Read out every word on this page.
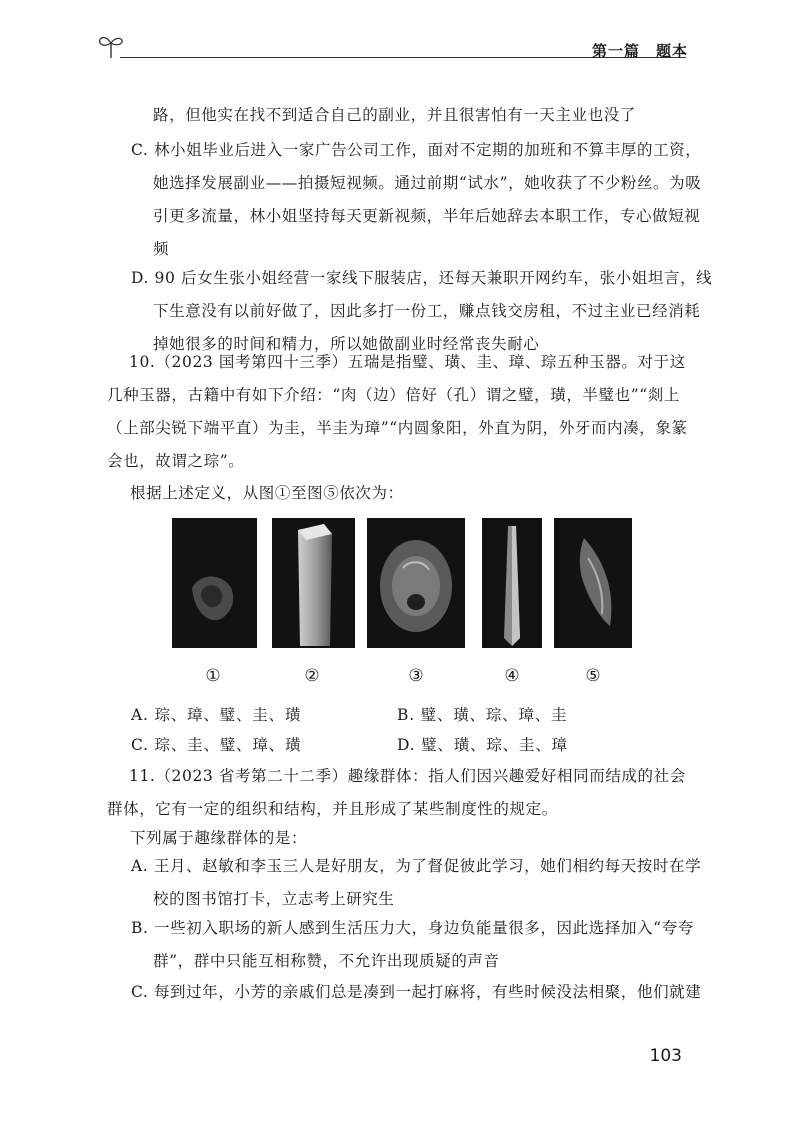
第一篇　题本
路，但他实在找不到适合自己的副业，并且很害怕有一天主业也没了
C. 林小姐毕业后进入一家广告公司工作，面对不定期的加班和不算丰厚的工资，她选择发展副业——拍摄短视频。通过前期“试水”，她收获了不少粉丝。为吸引更多流量，林小姐坚持每天更新视频，半年后她辞去本职工作，专心做短视频
D. 90 后女生张小姐经营一家线下服装店，还每天兼职开网约车，张小姐坦言，线下生意没有以前好做了，因此多打一份工，赚点钱交房租，不过主业已经消耗掉她很多的时间和精力，所以她做副业时经常丧失耐心
10.（2023 国考第四十三季）五瑞是指璧、璜、圭、璋、琮五种玉器。对于这几种玉器，古籍中有如下介绍：“肉（边）倍好（孔）谓之璧，璜，半璧也”“剡上（上部尖锐下端平直）为圭，半圭为璋”“内圆象阳，外直为阴，外牙而内凑，象篆会也，故谓之琮”。
根据上述定义，从图①至图⑤依次为：
①	②	③	④	⑤
A. 琮、璋、璧、圭、璜	B. 璧、璜、琮、璋、圭
C. 琮、圭、璧、璋、璜	D. 璧、璜、琮、圭、璋
11.（2023 省考第二十二季）趣缘群体：指人们因兴趣爱好相同而结成的社会群体，它有一定的组织和结构，并且形成了某些制度性的规定。
下列属于趣缘群体的是：
A. 王月、赵敏和李玉三人是好朋友，为了督促彼此学习，她们相约每天按时在学校的图书馆打卡，立志考上研究生
B. 一些初入职场的新人感到生活压力大，身边负能量很多，因此选择加入“夸夸群”，群中只能互相称赞，不允许出现质疑的声音
C. 每到过年，小芳的亲戚们总是凑到一起打麻将，有些时候没法相聚，他们就建
103
